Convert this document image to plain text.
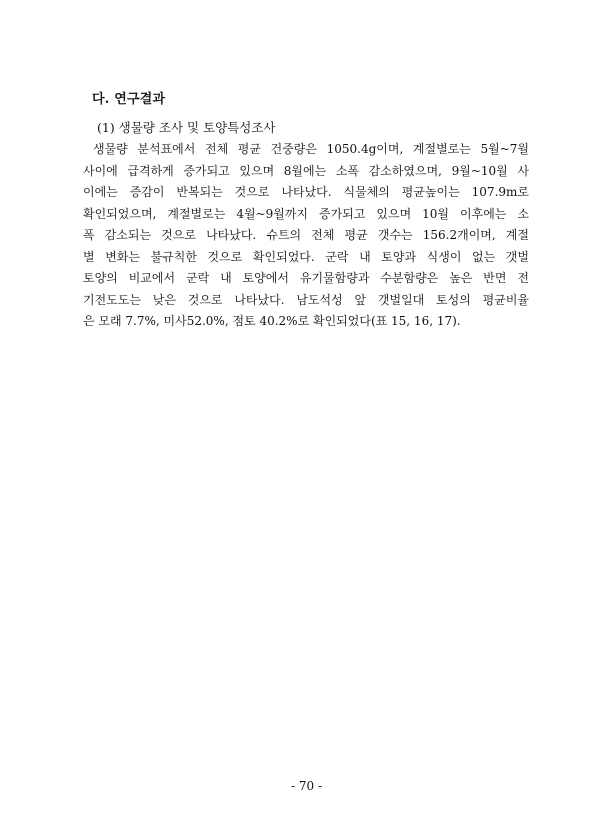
다. 연구결과
(1) 생물량 조사 및 토양특성조사
생물량 분석표에서 전체 평균 건중량은 1050.4g이며, 계절별로는 5월~7월
사이에 급격하게 증가되고 있으며 8월에는 소폭 감소하였으며, 9월~10월 사
이에는 증감이 반복되는 것으로 나타났다. 식물체의 평균높이는 107.9m로
확인되었으며, 계절별로는 4월~9월까지 증가되고 있으며 10월 이후에는 소
폭 감소되는 것으로 나타났다. 슈트의 전체 평균 갯수는 156.2개이며, 계절
별 변화는 불규칙한 것으로 확인되었다. 군락 내 토양과 식생이 없는 갯벌
토양의 비교에서 군락 내 토양에서 유기물함량과 수분함량은 높은 반면 전
기전도도는 낮은 것으로 나타났다. 남도석성 앞 갯벌일대 토성의 평균비율
은 모래 7.7%, 미사52.0%, 점토 40.2%로 확인되었다(표 15, 16, 17).
- 70 -
